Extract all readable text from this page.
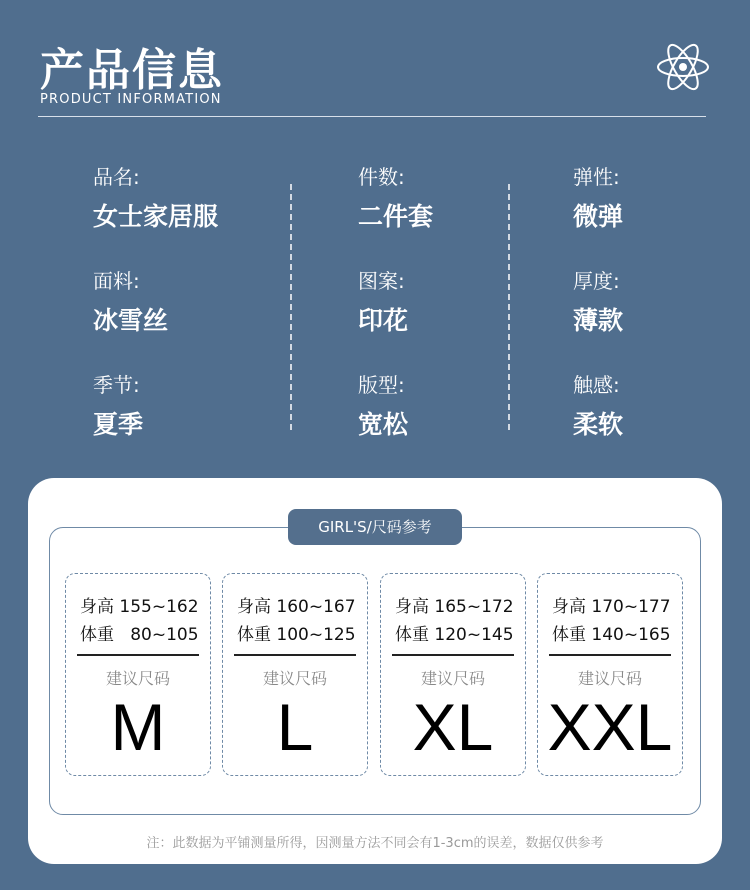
产品信息
PRODUCT INFORMATION
品名:
女士家居服
面料:
冰雪丝
季节:
夏季
件数:
二件套
图案:
印花
版型:
宽松
弹性:
微弹
厚度:
薄款
触感:
柔软
GIRL'S/尺码参考
身高 155~162
体重 80~105
建议尺码
M
身高 160~167
体重 100~125
建议尺码
L
身高 165~172
体重 120~145
建议尺码
XL
身高 170~177
体重 140~165
建议尺码
XXL
注：此数据为平铺测量所得，因测量方法不同会有1-3cm的误差，数据仅供参考
